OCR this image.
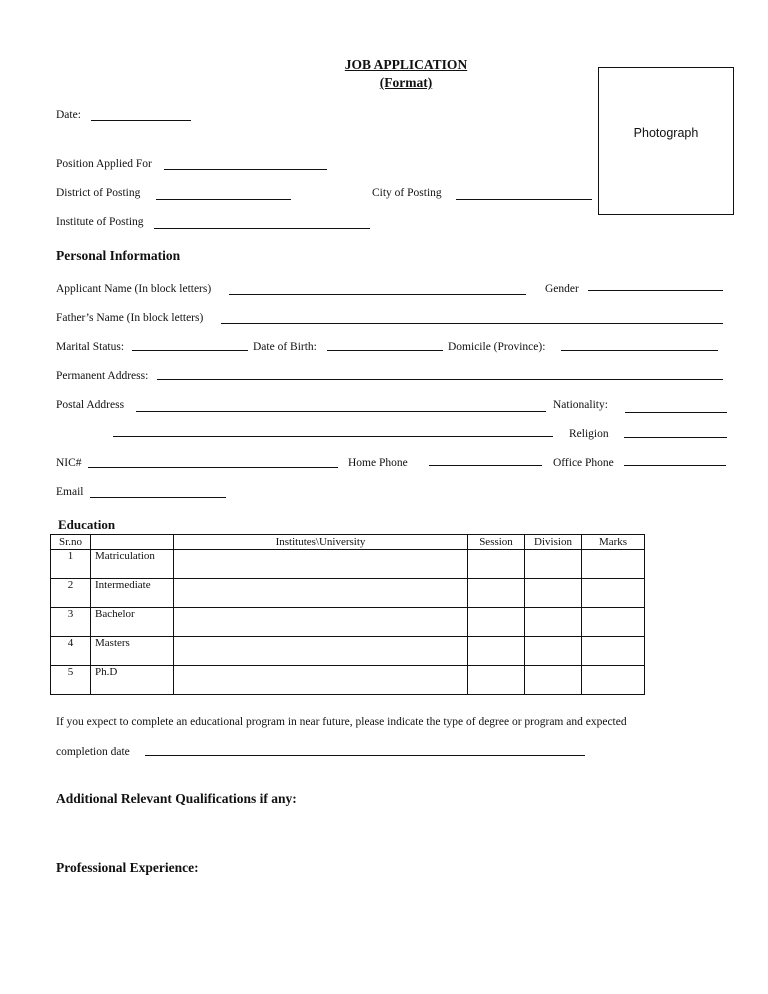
JOB APPLICATION
(Format)
Photograph
Date:
Position Applied For
District of Posting	City of Posting
Institute of Posting
Personal Information
Applicant Name (In block letters)	Gender
Father’s Name (In block letters)
Marital Status:	Date of Birth:	Domicile (Province):
Permanent Address:
Postal Address	Nationality:
Religion
NIC#	Home Phone	Office Phone
Email
Education
Sr.no		Institutes\University	Session	Division	Marks
1	Matriculation				
2	Intermediate				
3	Bachelor				
4	Masters				
5	Ph.D				
If you expect to complete an educational program in near future, please indicate the type of degree or program and expected
completion date
Additional Relevant Qualifications if any:
Professional Experience:
